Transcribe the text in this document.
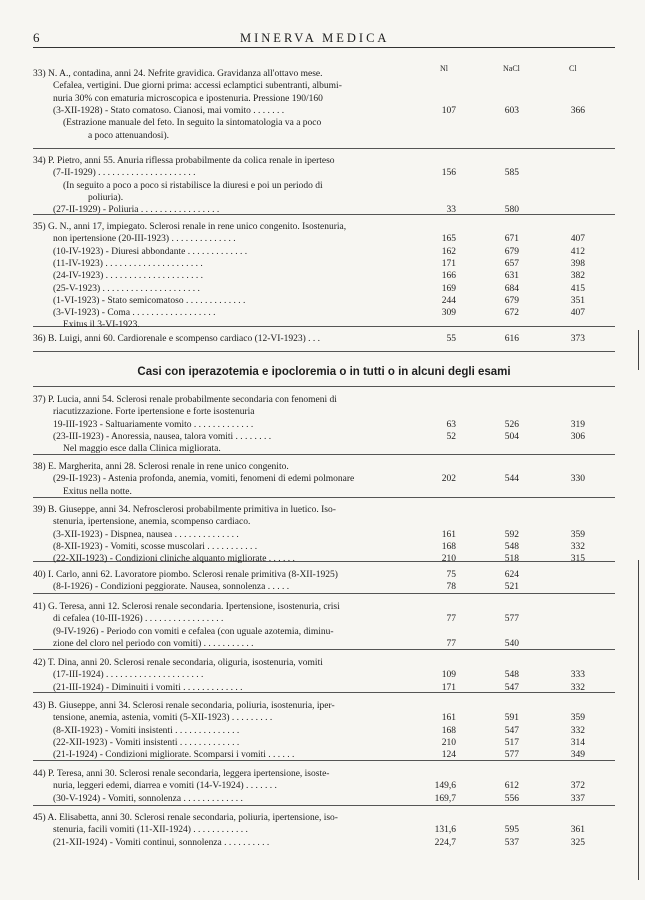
6	MINERVA MEDICA
Nl	NaCl	Cl
Casi con iperazotemia e ipocloremia o in tutti o in alcuni degli esami
33) N. A., contadina, anni 24. Nefrite gravidica. Gravidanza all'ottavo mese.
Cefalea, vertigini. Due giorni prima: accessi eclamptici subentranti, albumi-
nuria 30% con ematuria microscopica e ipostenuria. Pressione 190/160
(3-XII-1928) - Stato comatoso. Cianosi, mai vomito . . . . . . .	107	603	366
(Estrazione manuale del feto. In seguito la sintomatologia va a poco
a poco attenuandosi).
34) P. Pietro, anni 55. Anuria riflessa probabilmente da colica renale in iperteso
(7-II-1929) . . . . . . . . . . . . . . . . . . . . .	156	585
(In seguito a poco a poco si ristabilisce la diuresi e poi un periodo di
poliuria).
(27-II-1929) - Poliuria . . . . . . . . . . . . . . . . .	33	580
35) G. N., anni 17, impiegato. Sclerosi renale in rene unico congenito. Isostenuria,
non ipertensione (20-III-1923) . . . . . . . . . . . . . .	165	671	407
(10-IV-1923) - Diuresi abbondante . . . . . . . . . . . . .	162	679	412
(11-IV-1923) . . . . . . . . . . . . . . . . . . . . .	171	657	398
(24-IV-1923) . . . . . . . . . . . . . . . . . . . . .	166	631	382
(25-V-1923) . . . . . . . . . . . . . . . . . . . . .	169	684	415
(1-VI-1923) - Stato semicomatoso . . . . . . . . . . . . .	244	679	351
(3-VI-1923) - Coma . . . . . . . . . . . . . . . . . .	309	672	407
Exitus il 3-VI-1923.
36) B. Luigi, anni 60. Cardiorenale e scompenso cardiaco (12-VI-1923) . . .	55	616	373
37) P. Lucia, anni 54. Sclerosi renale probabilmente secondaria con fenomeni di
riacutizzazione. Forte ipertensione e forte isostenuria
19-III-1923 - Saltuariamente vomito . . . . . . . . . . . . .	63	526	319
(23-III-1923) - Anoressia, nausea, talora vomiti . . . . . . . .	52	504	306
Nel maggio esce dalla Clinica migliorata.
38) E. Margherita, anni 28. Sclerosi renale in rene unico congenito.
(29-II-1923) - Astenia profonda, anemia, vomiti, fenomeni di edemi polmonare	202	544	330
Exitus nella notte.
39) B. Giuseppe, anni 34. Nefrosclerosi probabilmente primitiva in luetico. Iso-
stenuria, ipertensione, anemia, scompenso cardiaco.
(3-XII-1923) - Dispnea, nausea . . . . . . . . . . . . . .	161	592	359
(8-XII-1923) - Vomiti, scosse muscolari . . . . . . . . . . .	168	548	332
(22-XII-1923) - Condizioni cliniche alquanto migliorate . . . . . .	210	518	315
40) I. Carlo, anni 62. Lavoratore piombo. Sclerosi renale primitiva (8-XII-1925)	75	624
(8-I-1926) - Condizioni peggiorate. Nausea, sonnolenza . . . . .	78	521
41) G. Teresa, anni 12. Sclerosi renale secondaria. Ipertensione, isostenuria, crisi
di cefalea (10-III-1926) . . . . . . . . . . . . . . . . .	77	577
(9-IV-1926) - Periodo con vomiti e cefalea (con uguale azotemia, diminu-
zione del cloro nel periodo con vomiti) . . . . . . . . . . .	77	540
42) T. Dina, anni 20. Sclerosi renale secondaria, oliguria, isostenuria, vomiti
(17-III-1924) . . . . . . . . . . . . . . . . . . . . .	109	548	333
(21-III-1924) - Diminuiti i vomiti . . . . . . . . . . . . .	171	547	332
43) B. Giuseppe, anni 34. Sclerosi renale secondaria, poliuria, isostenuria, iper-
tensione, anemia, astenia, vomiti (5-XII-1923) . . . . . . . . .	161	591	359
(8-XII-1923) - Vomiti insistenti . . . . . . . . . . . . . .	168	547	332
(22-XII-1923) - Vomiti insistenti . . . . . . . . . . . . .	210	517	314
(21-I-1924) - Condizioni migliorate. Scomparsi i vomiti . . . . . .	124	577	349
44) P. Teresa, anni 30. Sclerosi renale secondaria, leggera ipertensione, isoste-
nuria, leggeri edemi, diarrea e vomiti (14-V-1924) . . . . . . .	149,6	612	372
(30-V-1924) - Vomiti, sonnolenza . . . . . . . . . . . . .	169,7	556	337
45) A. Elisabetta, anni 30. Sclerosi renale secondaria, poliuria, ipertensione, iso-
stenuria, facili vomiti (11-XII-1924) . . . . . . . . . . . .	131,6	595	361
(21-XII-1924) - Vomiti continui, sonnolenza . . . . . . . . . .	224,7	537	325
